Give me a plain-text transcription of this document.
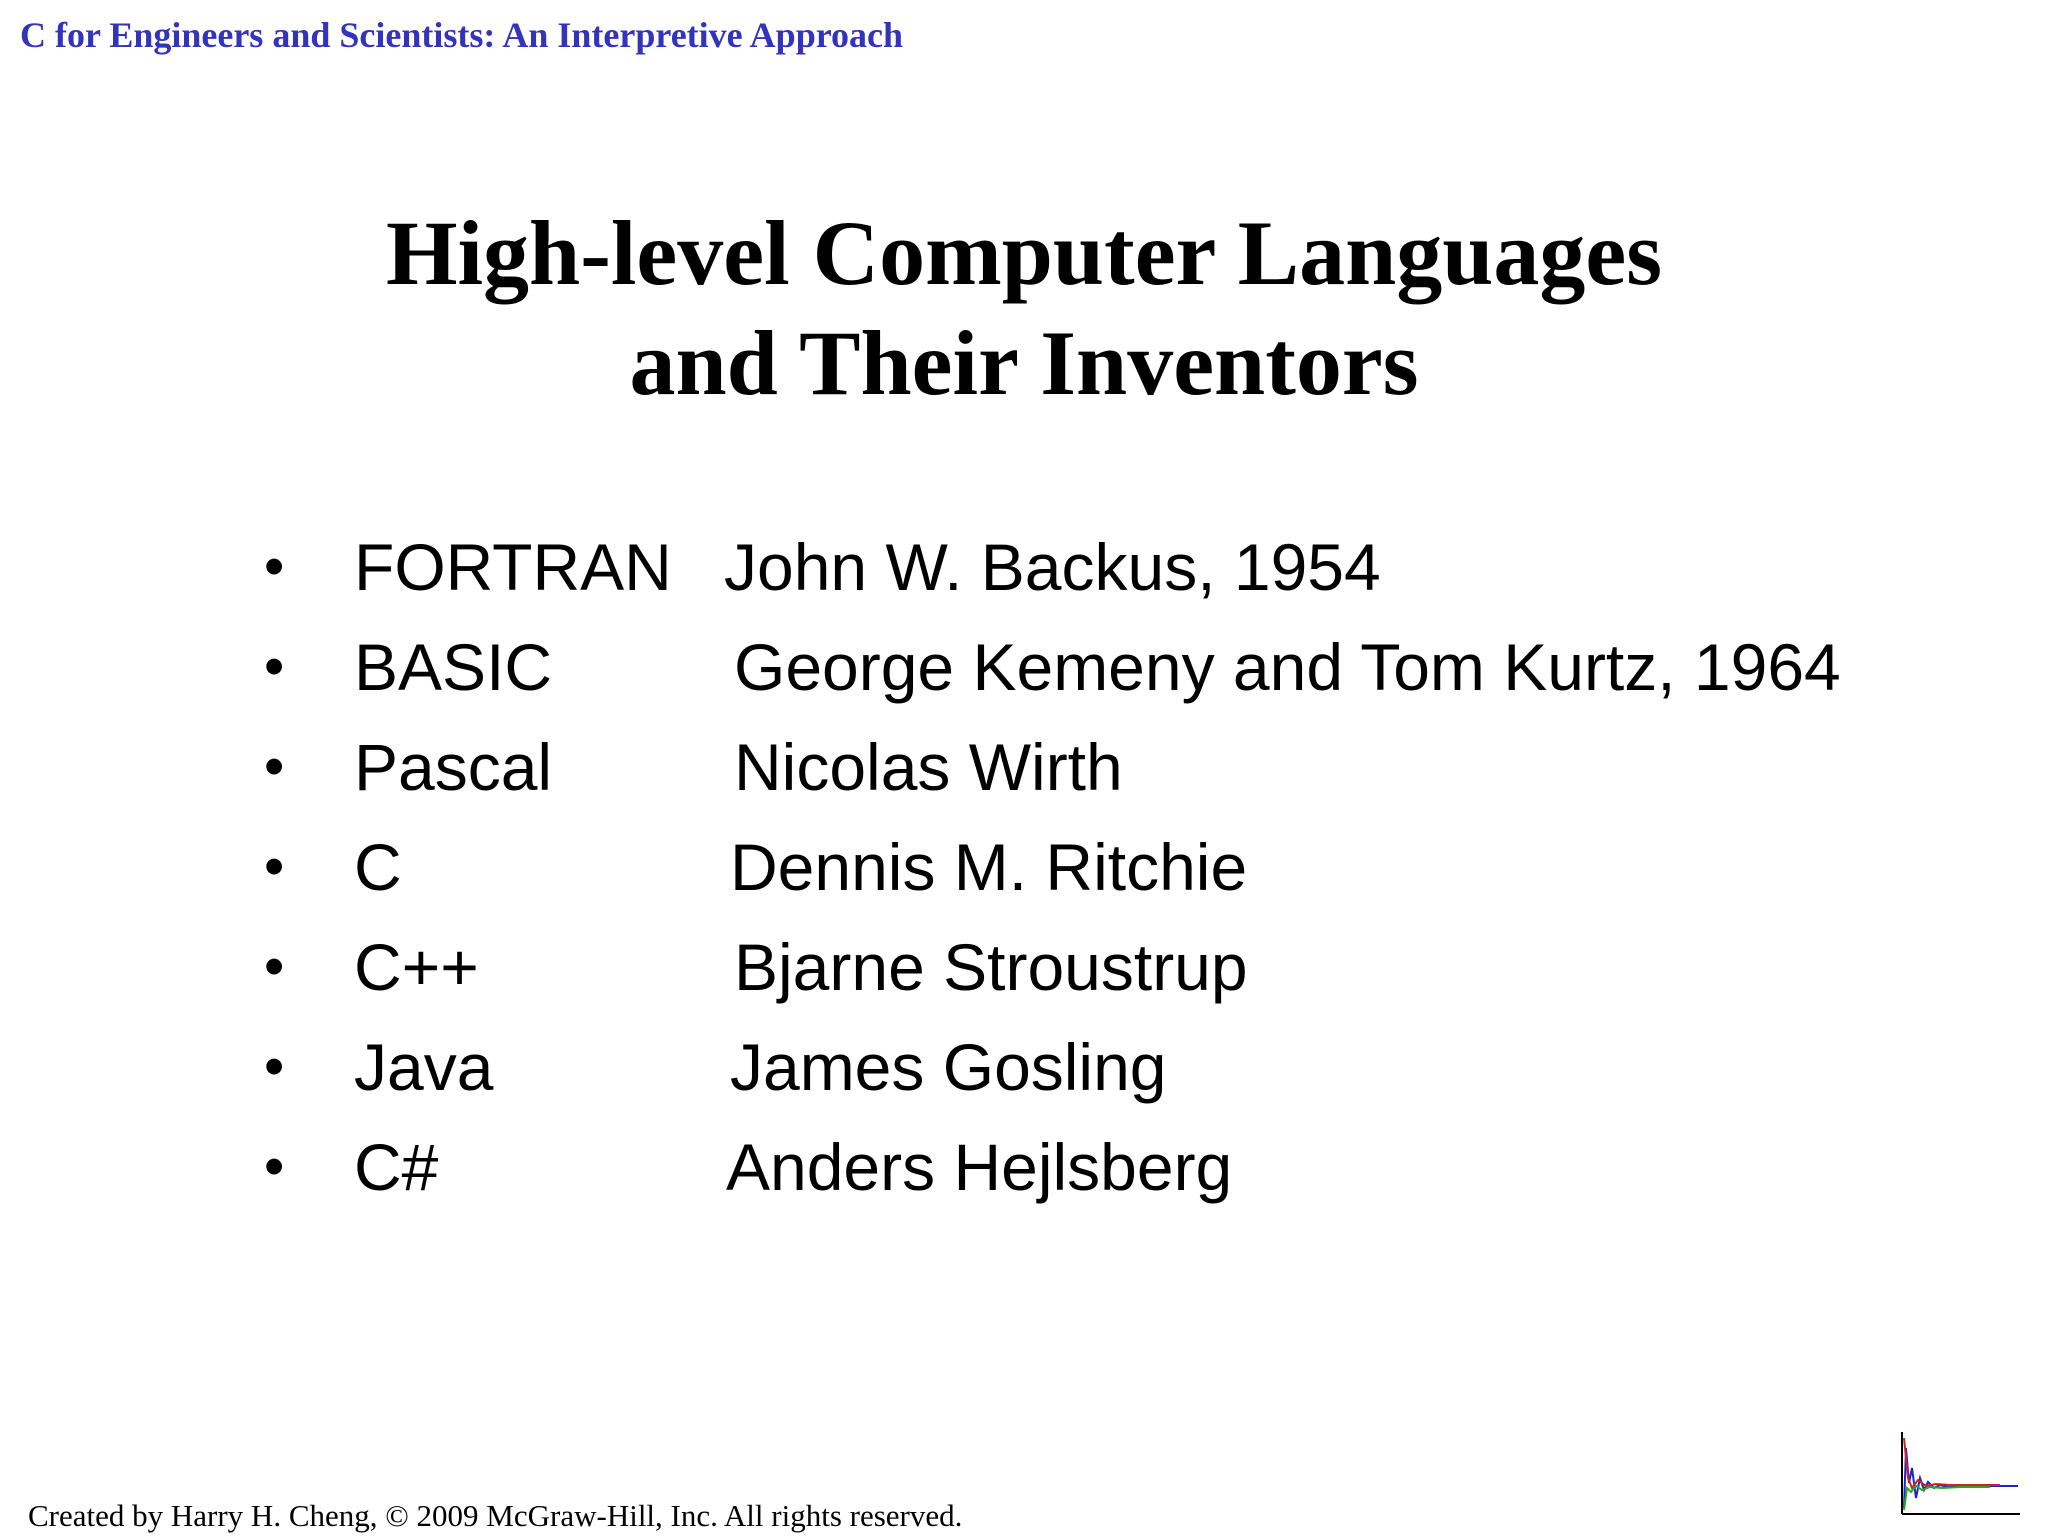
C for Engineers and Scientists: An Interpretive Approach
High-level Computer Languages
and Their Inventors
• FORTRAN John W. Backus, 1954
• BASIC	George Kemeny and Tom Kurtz, 1964
• Pascal	Nicolas Wirth
• C	Dennis M. Ritchie
• C++	Bjarne Stroustrup
• Java	James Gosling
• C#	Anders Hejlsberg
Created by Harry H. Cheng, © 2009 McGraw-Hill, Inc. All rights reserved.
